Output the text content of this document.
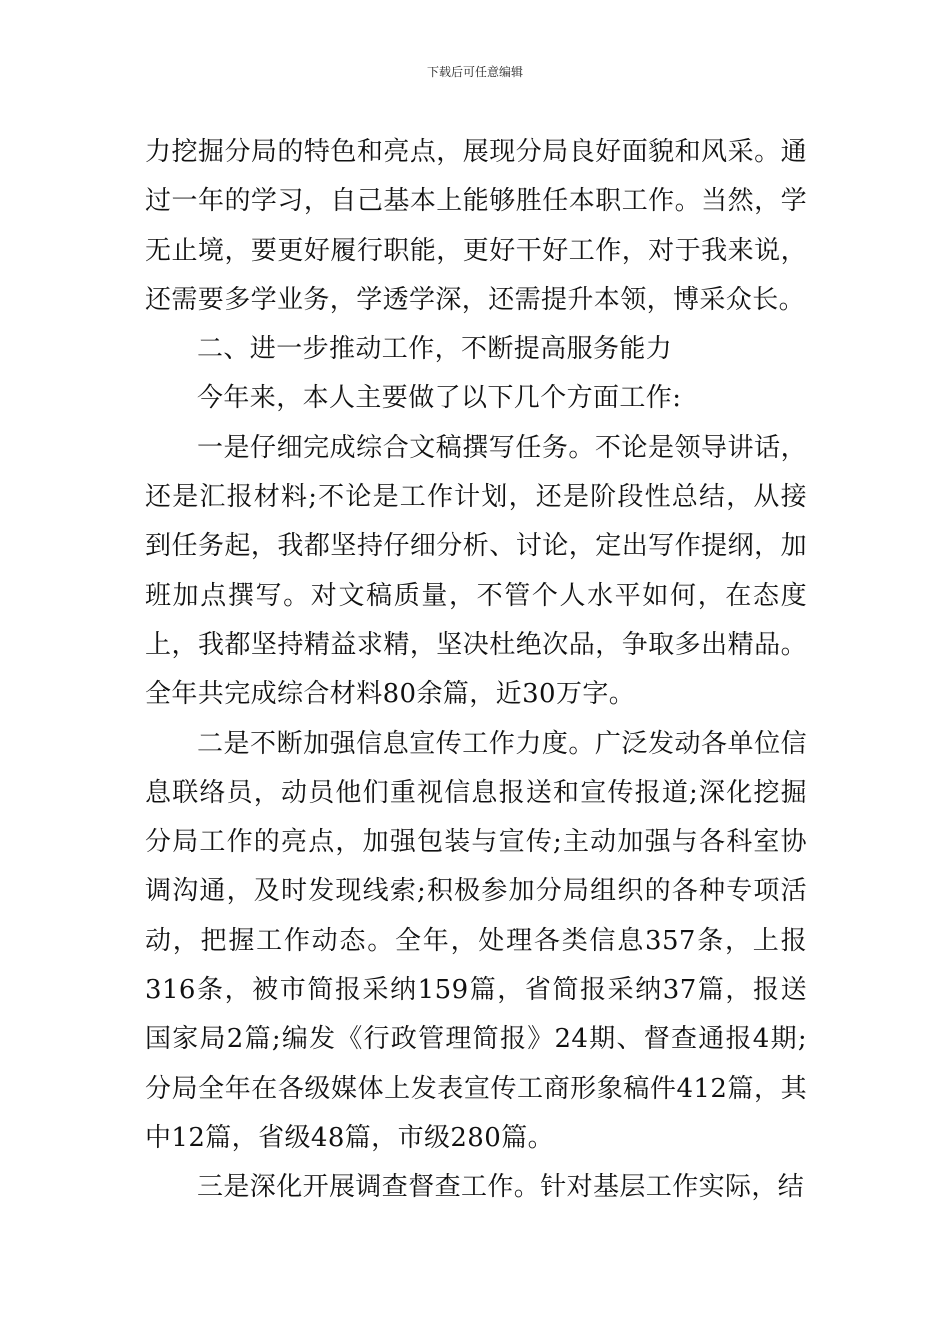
下载后可任意编辑

力挖掘分局的特色和亮点，展现分局良好面貌和风采。通过一年的学习，自己基本上能够胜任本职工作。当然，学无止境，要更好履行职能，更好干好工作，对于我来说，还需要多学业务，学透学深，还需提升本领，博采众长。

二、进一步推动工作，不断提高服务能力

今年来，本人主要做了以下几个方面工作:

一是仔细完成综合文稿撰写任务。不论是领导讲话，还是汇报材料;不论是工作计划，还是阶段性总结，从接到任务起，我都坚持仔细分析、讨论，定出写作提纲，加班加点撰写。对文稿质量，不管个人水平如何，在态度上，我都坚持精益求精，坚决杜绝次品，争取多出精品。全年共完成综合材料80余篇，近30万字。

二是不断加强信息宣传工作力度。广泛发动各单位信息联络员，动员他们重视信息报送和宣传报道;深化挖掘分局工作的亮点，加强包装与宣传;主动加强与各科室协调沟通，及时发现线索;积极参加分局组织的各种专项活动，把握工作动态。全年，处理各类信息357条，上报316条，被市简报采纳159篇，省简报采纳37篇，报送国家局2篇;编发《行政管理简报》24期、督查通报4期;分局全年在各级媒体上发表宣传工商形象稿件412篇，其中12篇，省级48篇，市级280篇。

三是深化开展调查督查工作。针对基层工作实际，结
